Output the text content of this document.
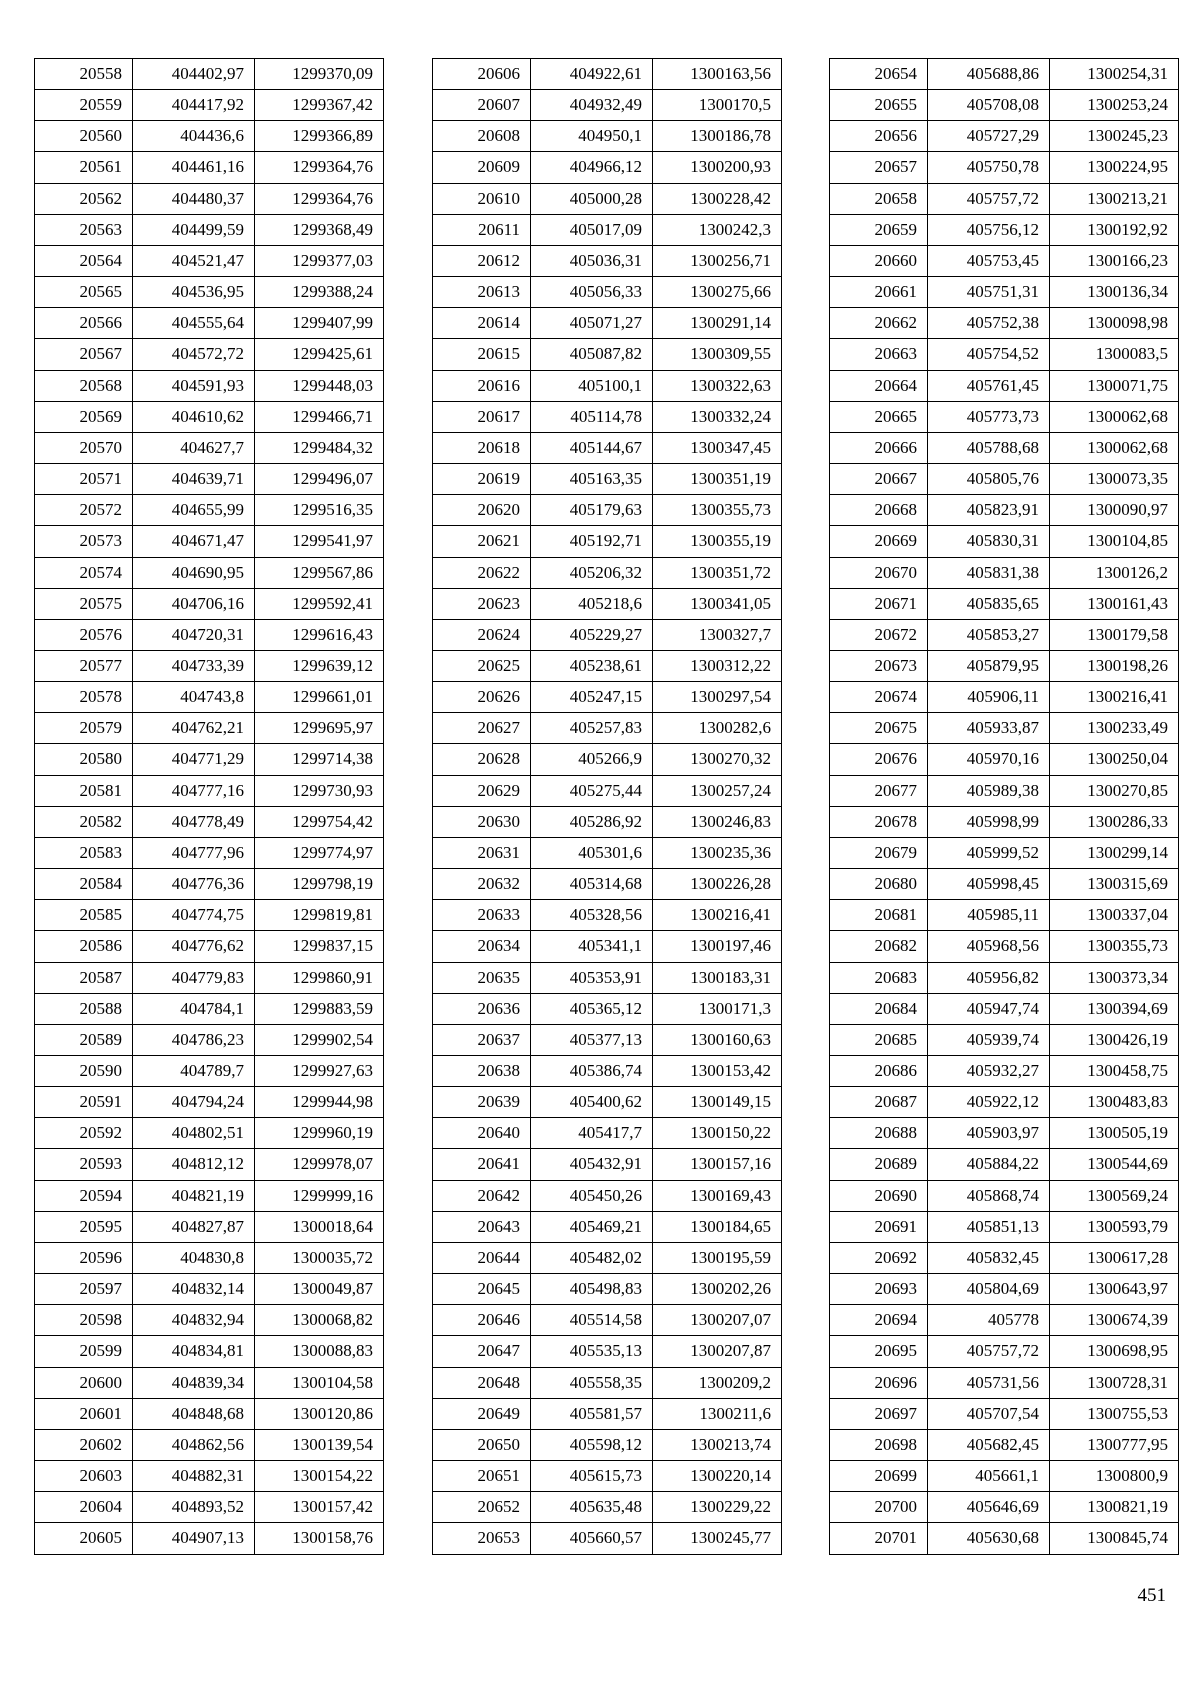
20558	404402,97	1299370,09
20559	404417,92	1299367,42
20560	404436,6	1299366,89
20561	404461,16	1299364,76
20562	404480,37	1299364,76
20563	404499,59	1299368,49
20564	404521,47	1299377,03
20565	404536,95	1299388,24
20566	404555,64	1299407,99
20567	404572,72	1299425,61
20568	404591,93	1299448,03
20569	404610,62	1299466,71
20570	404627,7	1299484,32
20571	404639,71	1299496,07
20572	404655,99	1299516,35
20573	404671,47	1299541,97
20574	404690,95	1299567,86
20575	404706,16	1299592,41
20576	404720,31	1299616,43
20577	404733,39	1299639,12
20578	404743,8	1299661,01
20579	404762,21	1299695,97
20580	404771,29	1299714,38
20581	404777,16	1299730,93
20582	404778,49	1299754,42
20583	404777,96	1299774,97
20584	404776,36	1299798,19
20585	404774,75	1299819,81
20586	404776,62	1299837,15
20587	404779,83	1299860,91
20588	404784,1	1299883,59
20589	404786,23	1299902,54
20590	404789,7	1299927,63
20591	404794,24	1299944,98
20592	404802,51	1299960,19
20593	404812,12	1299978,07
20594	404821,19	1299999,16
20595	404827,87	1300018,64
20596	404830,8	1300035,72
20597	404832,14	1300049,87
20598	404832,94	1300068,82
20599	404834,81	1300088,83
20600	404839,34	1300104,58
20601	404848,68	1300120,86
20602	404862,56	1300139,54
20603	404882,31	1300154,22
20604	404893,52	1300157,42
20605	404907,13	1300158,76
20606	404922,61	1300163,56
20607	404932,49	1300170,5
20608	404950,1	1300186,78
20609	404966,12	1300200,93
20610	405000,28	1300228,42
20611	405017,09	1300242,3
20612	405036,31	1300256,71
20613	405056,33	1300275,66
20614	405071,27	1300291,14
20615	405087,82	1300309,55
20616	405100,1	1300322,63
20617	405114,78	1300332,24
20618	405144,67	1300347,45
20619	405163,35	1300351,19
20620	405179,63	1300355,73
20621	405192,71	1300355,19
20622	405206,32	1300351,72
20623	405218,6	1300341,05
20624	405229,27	1300327,7
20625	405238,61	1300312,22
20626	405247,15	1300297,54
20627	405257,83	1300282,6
20628	405266,9	1300270,32
20629	405275,44	1300257,24
20630	405286,92	1300246,83
20631	405301,6	1300235,36
20632	405314,68	1300226,28
20633	405328,56	1300216,41
20634	405341,1	1300197,46
20635	405353,91	1300183,31
20636	405365,12	1300171,3
20637	405377,13	1300160,63
20638	405386,74	1300153,42
20639	405400,62	1300149,15
20640	405417,7	1300150,22
20641	405432,91	1300157,16
20642	405450,26	1300169,43
20643	405469,21	1300184,65
20644	405482,02	1300195,59
20645	405498,83	1300202,26
20646	405514,58	1300207,07
20647	405535,13	1300207,87
20648	405558,35	1300209,2
20649	405581,57	1300211,6
20650	405598,12	1300213,74
20651	405615,73	1300220,14
20652	405635,48	1300229,22
20653	405660,57	1300245,77
20654	405688,86	1300254,31
20655	405708,08	1300253,24
20656	405727,29	1300245,23
20657	405750,78	1300224,95
20658	405757,72	1300213,21
20659	405756,12	1300192,92
20660	405753,45	1300166,23
20661	405751,31	1300136,34
20662	405752,38	1300098,98
20663	405754,52	1300083,5
20664	405761,45	1300071,75
20665	405773,73	1300062,68
20666	405788,68	1300062,68
20667	405805,76	1300073,35
20668	405823,91	1300090,97
20669	405830,31	1300104,85
20670	405831,38	1300126,2
20671	405835,65	1300161,43
20672	405853,27	1300179,58
20673	405879,95	1300198,26
20674	405906,11	1300216,41
20675	405933,87	1300233,49
20676	405970,16	1300250,04
20677	405989,38	1300270,85
20678	405998,99	1300286,33
20679	405999,52	1300299,14
20680	405998,45	1300315,69
20681	405985,11	1300337,04
20682	405968,56	1300355,73
20683	405956,82	1300373,34
20684	405947,74	1300394,69
20685	405939,74	1300426,19
20686	405932,27	1300458,75
20687	405922,12	1300483,83
20688	405903,97	1300505,19
20689	405884,22	1300544,69
20690	405868,74	1300569,24
20691	405851,13	1300593,79
20692	405832,45	1300617,28
20693	405804,69	1300643,97
20694	405778	1300674,39
20695	405757,72	1300698,95
20696	405731,56	1300728,31
20697	405707,54	1300755,53
20698	405682,45	1300777,95
20699	405661,1	1300800,9
20700	405646,69	1300821,19
20701	405630,68	1300845,74
451
